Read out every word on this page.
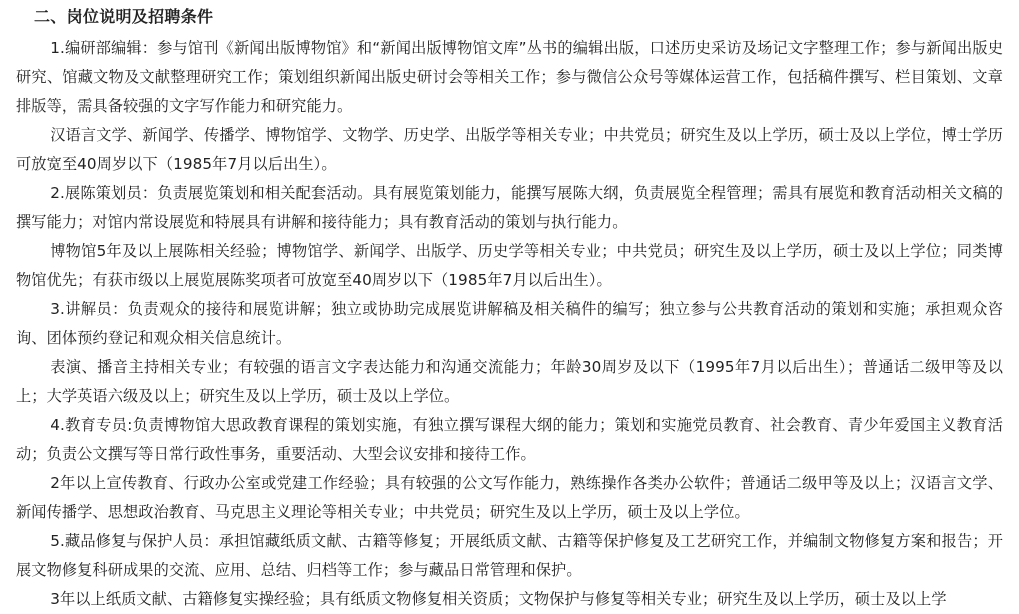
二、岗位说明及招聘条件

1.编研部编辑：参与馆刊《新闻出版博物馆》和“新闻出版博物馆文库”丛书的编辑出版，口述历史采访及场记文字整理工作；参与新闻出版史研究、馆藏文物及文献整理研究工作；策划组织新闻出版史研讨会等相关工作；参与微信公众号等媒体运营工作，包括稿件撰写、栏目策划、文章排版等，需具备较强的文字写作能力和研究能力。

汉语言文学、新闻学、传播学、博物馆学、文物学、历史学、出版学等相关专业；中共党员；研究生及以上学历，硕士及以上学位，博士学历可放宽至40周岁以下（1985年7月以后出生）。

2.展陈策划员：负责展览策划和相关配套活动。具有展览策划能力，能撰写展陈大纲，负责展览全程管理；需具有展览和教育活动相关文稿的撰写能力；对馆内常设展览和特展具有讲解和接待能力；具有教育活动的策划与执行能力。

博物馆5年及以上展陈相关经验；博物馆学、新闻学、出版学、历史学等相关专业；中共党员；研究生及以上学历，硕士及以上学位；同类博物馆优先；有获市级以上展览展陈奖项者可放宽至40周岁以下（1985年7月以后出生）。

3.讲解员：负责观众的接待和展览讲解；独立或协助完成展览讲解稿及相关稿件的编写；独立参与公共教育活动的策划和实施；承担观众咨询、团体预约登记和观众相关信息统计。

表演、播音主持相关专业；有较强的语言文字表达能力和沟通交流能力；年龄30周岁及以下（1995年7月以后出生）；普通话二级甲等及以上；大学英语六级及以上；研究生及以上学历，硕士及以上学位。

4.教育专员:负责博物馆大思政教育课程的策划实施，有独立撰写课程大纲的能力；策划和实施党员教育、社会教育、青少年爱国主义教育活动；负责公文撰写等日常行政性事务，重要活动、大型会议安排和接待工作。

2年以上宣传教育、行政办公室或党建工作经验；具有较强的公文写作能力，熟练操作各类办公软件；普通话二级甲等及以上；汉语言文学、新闻传播学、思想政治教育、马克思主义理论等相关专业；中共党员；研究生及以上学历，硕士及以上学位。

5.藏品修复与保护人员：承担馆藏纸质文献、古籍等修复；开展纸质文献、古籍等保护修复及工艺研究工作，并编制文物修复方案和报告；开展文物修复科研成果的交流、应用、总结、归档等工作；参与藏品日常管理和保护。

3年以上纸质文献、古籍修复实操经验；具有纸质文物修复相关资质；文物保护与修复等相关专业；研究生及以上学历，硕士及以上学
